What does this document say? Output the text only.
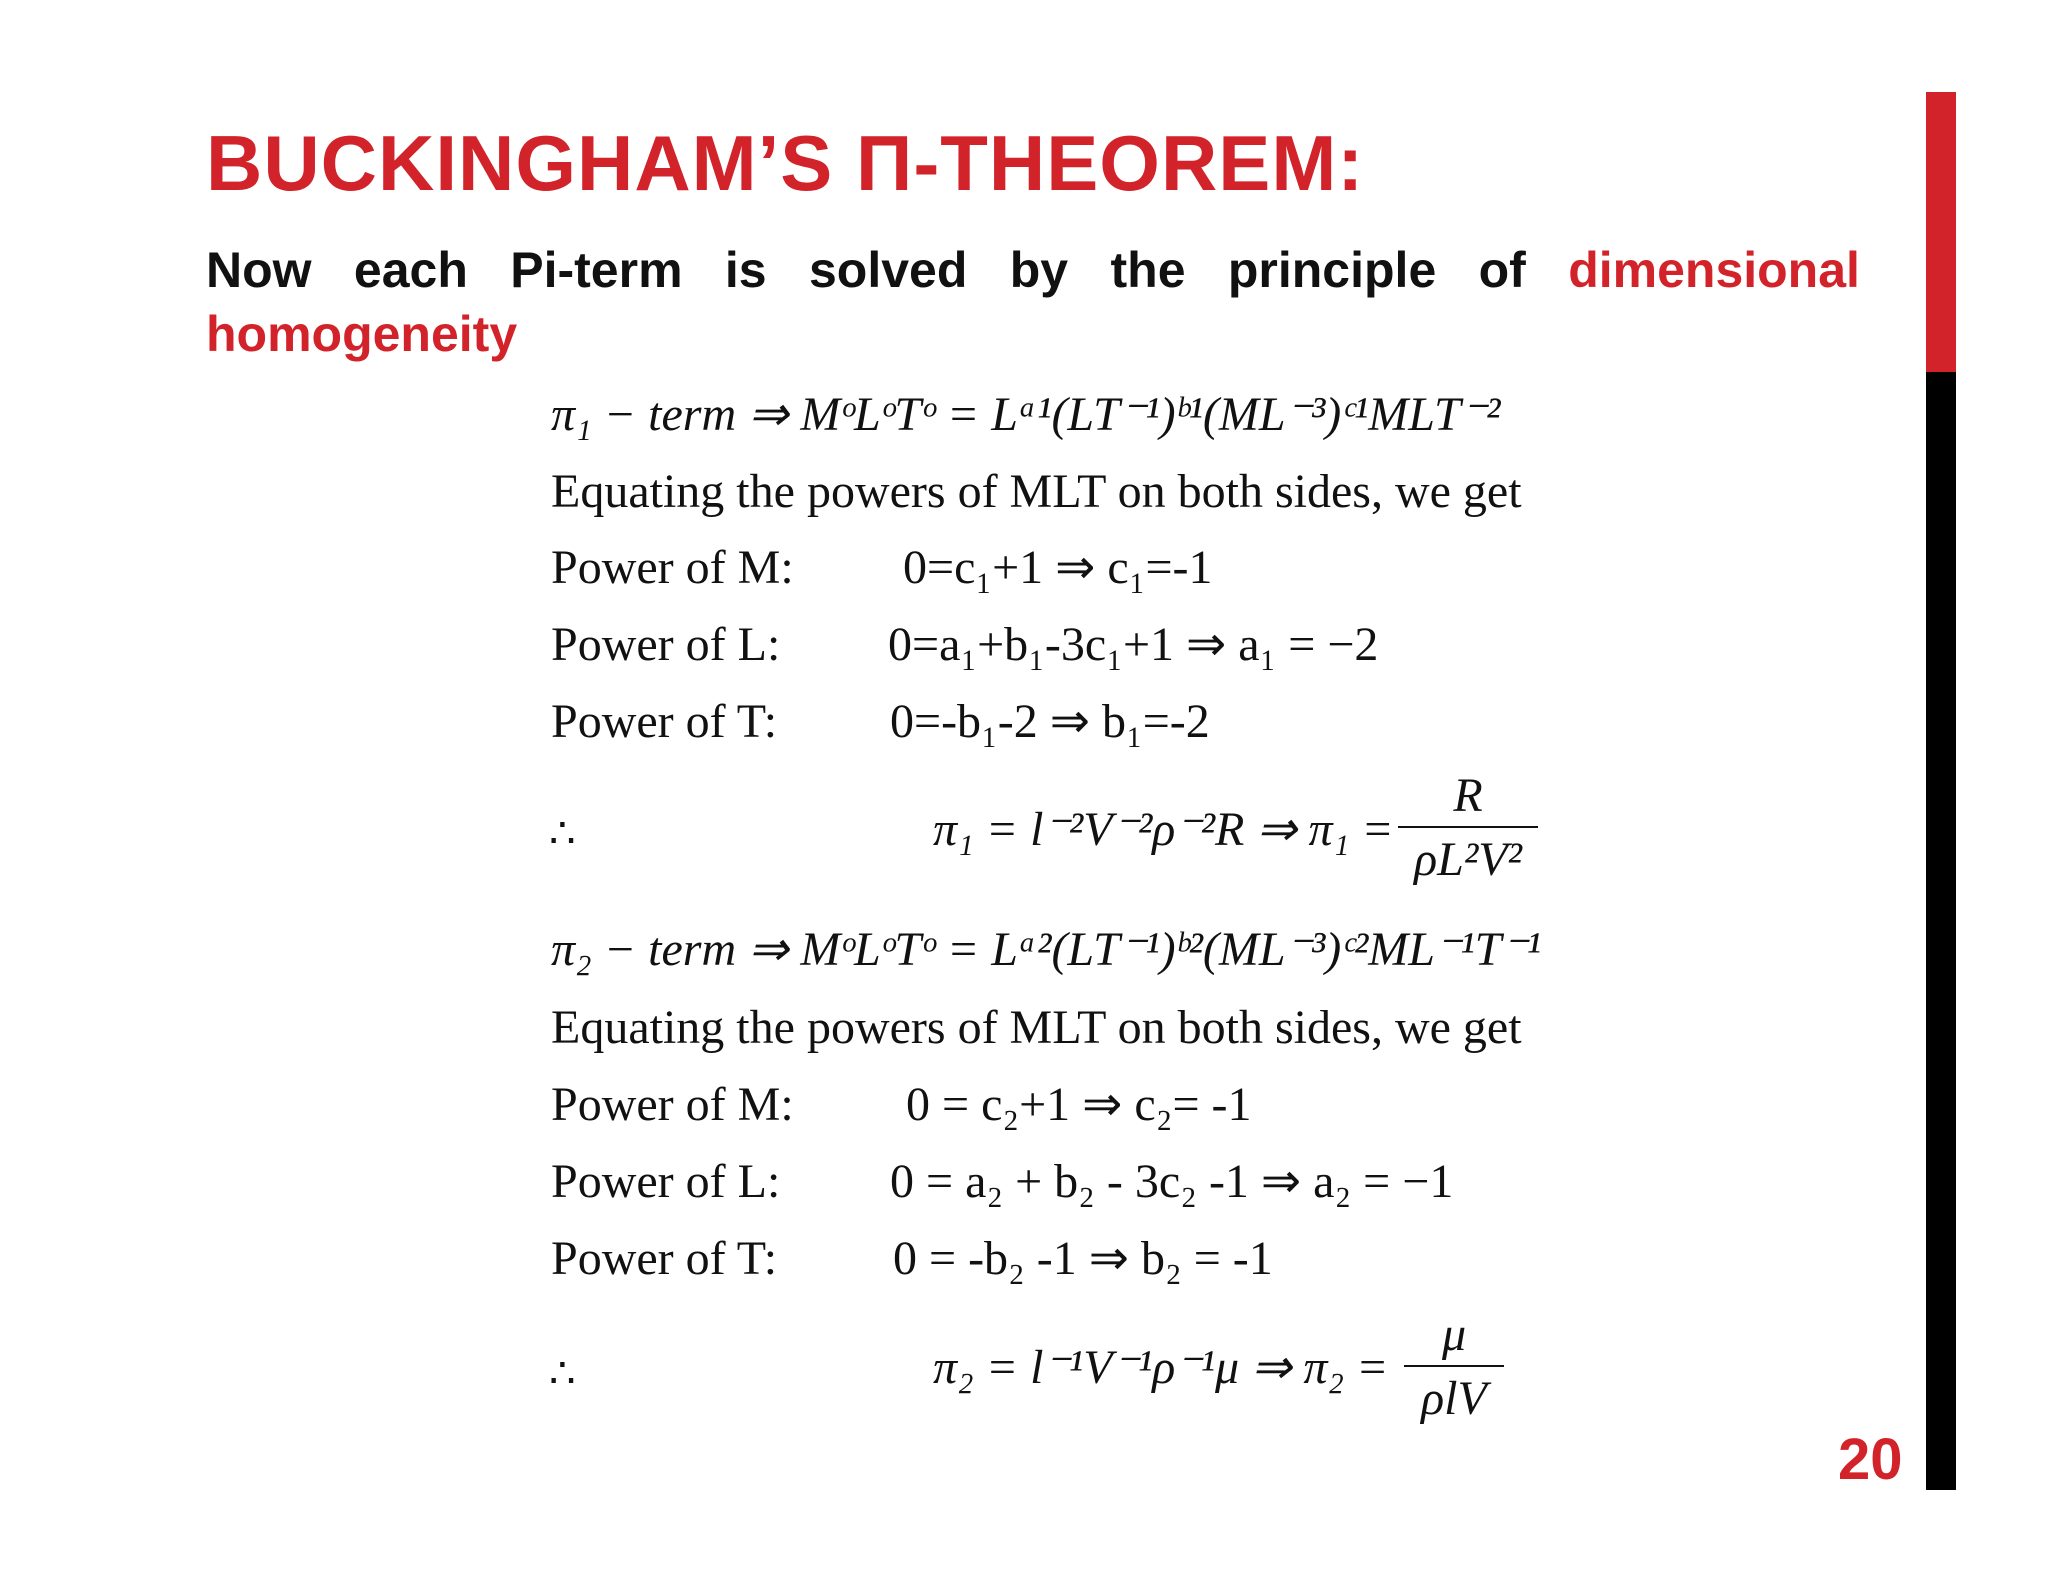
BUCKINGHAM’S Π-THEOREM:
Now each Pi-term is solved by the principle of dimensional
homogeneity
π₁ − term ⇒ MᵒLᵒTᵒ = Lᵃ¹(LT⁻¹)ᵇ¹(ML⁻³)ᶜ¹MLT⁻²
Equating the powers of MLT on both sides, we get
Power of M: 0=c₁+1 ⇒ c₁=-1
Power of L: 0=a₁+b₁-3c₁+1 ⇒ a₁ = −2
Power of T: 0=-b₁-2 ⇒ b₁=-2
∴	π₁ = l⁻²V⁻²ρ⁻²R ⇒ π₁ =
R
ρL²V²
π₂ − term ⇒ MᵒLᵒTᵒ = Lᵃ²(LT⁻¹)ᵇ²(ML⁻³)ᶜ²ML⁻¹T⁻¹
Equating the powers of MLT on both sides, we get
Power of M: 0 = c₂+1 ⇒ c₂= -1
Power of L: 0 = a₂ + b₂ - 3c₂ -1 ⇒ a₂ = −1
Power of T: 0 = -b₂ -1 ⇒ b₂ = -1
∴	π₂ = l⁻¹V⁻¹ρ⁻¹μ ⇒ π₂ =
μ
ρlV
20
